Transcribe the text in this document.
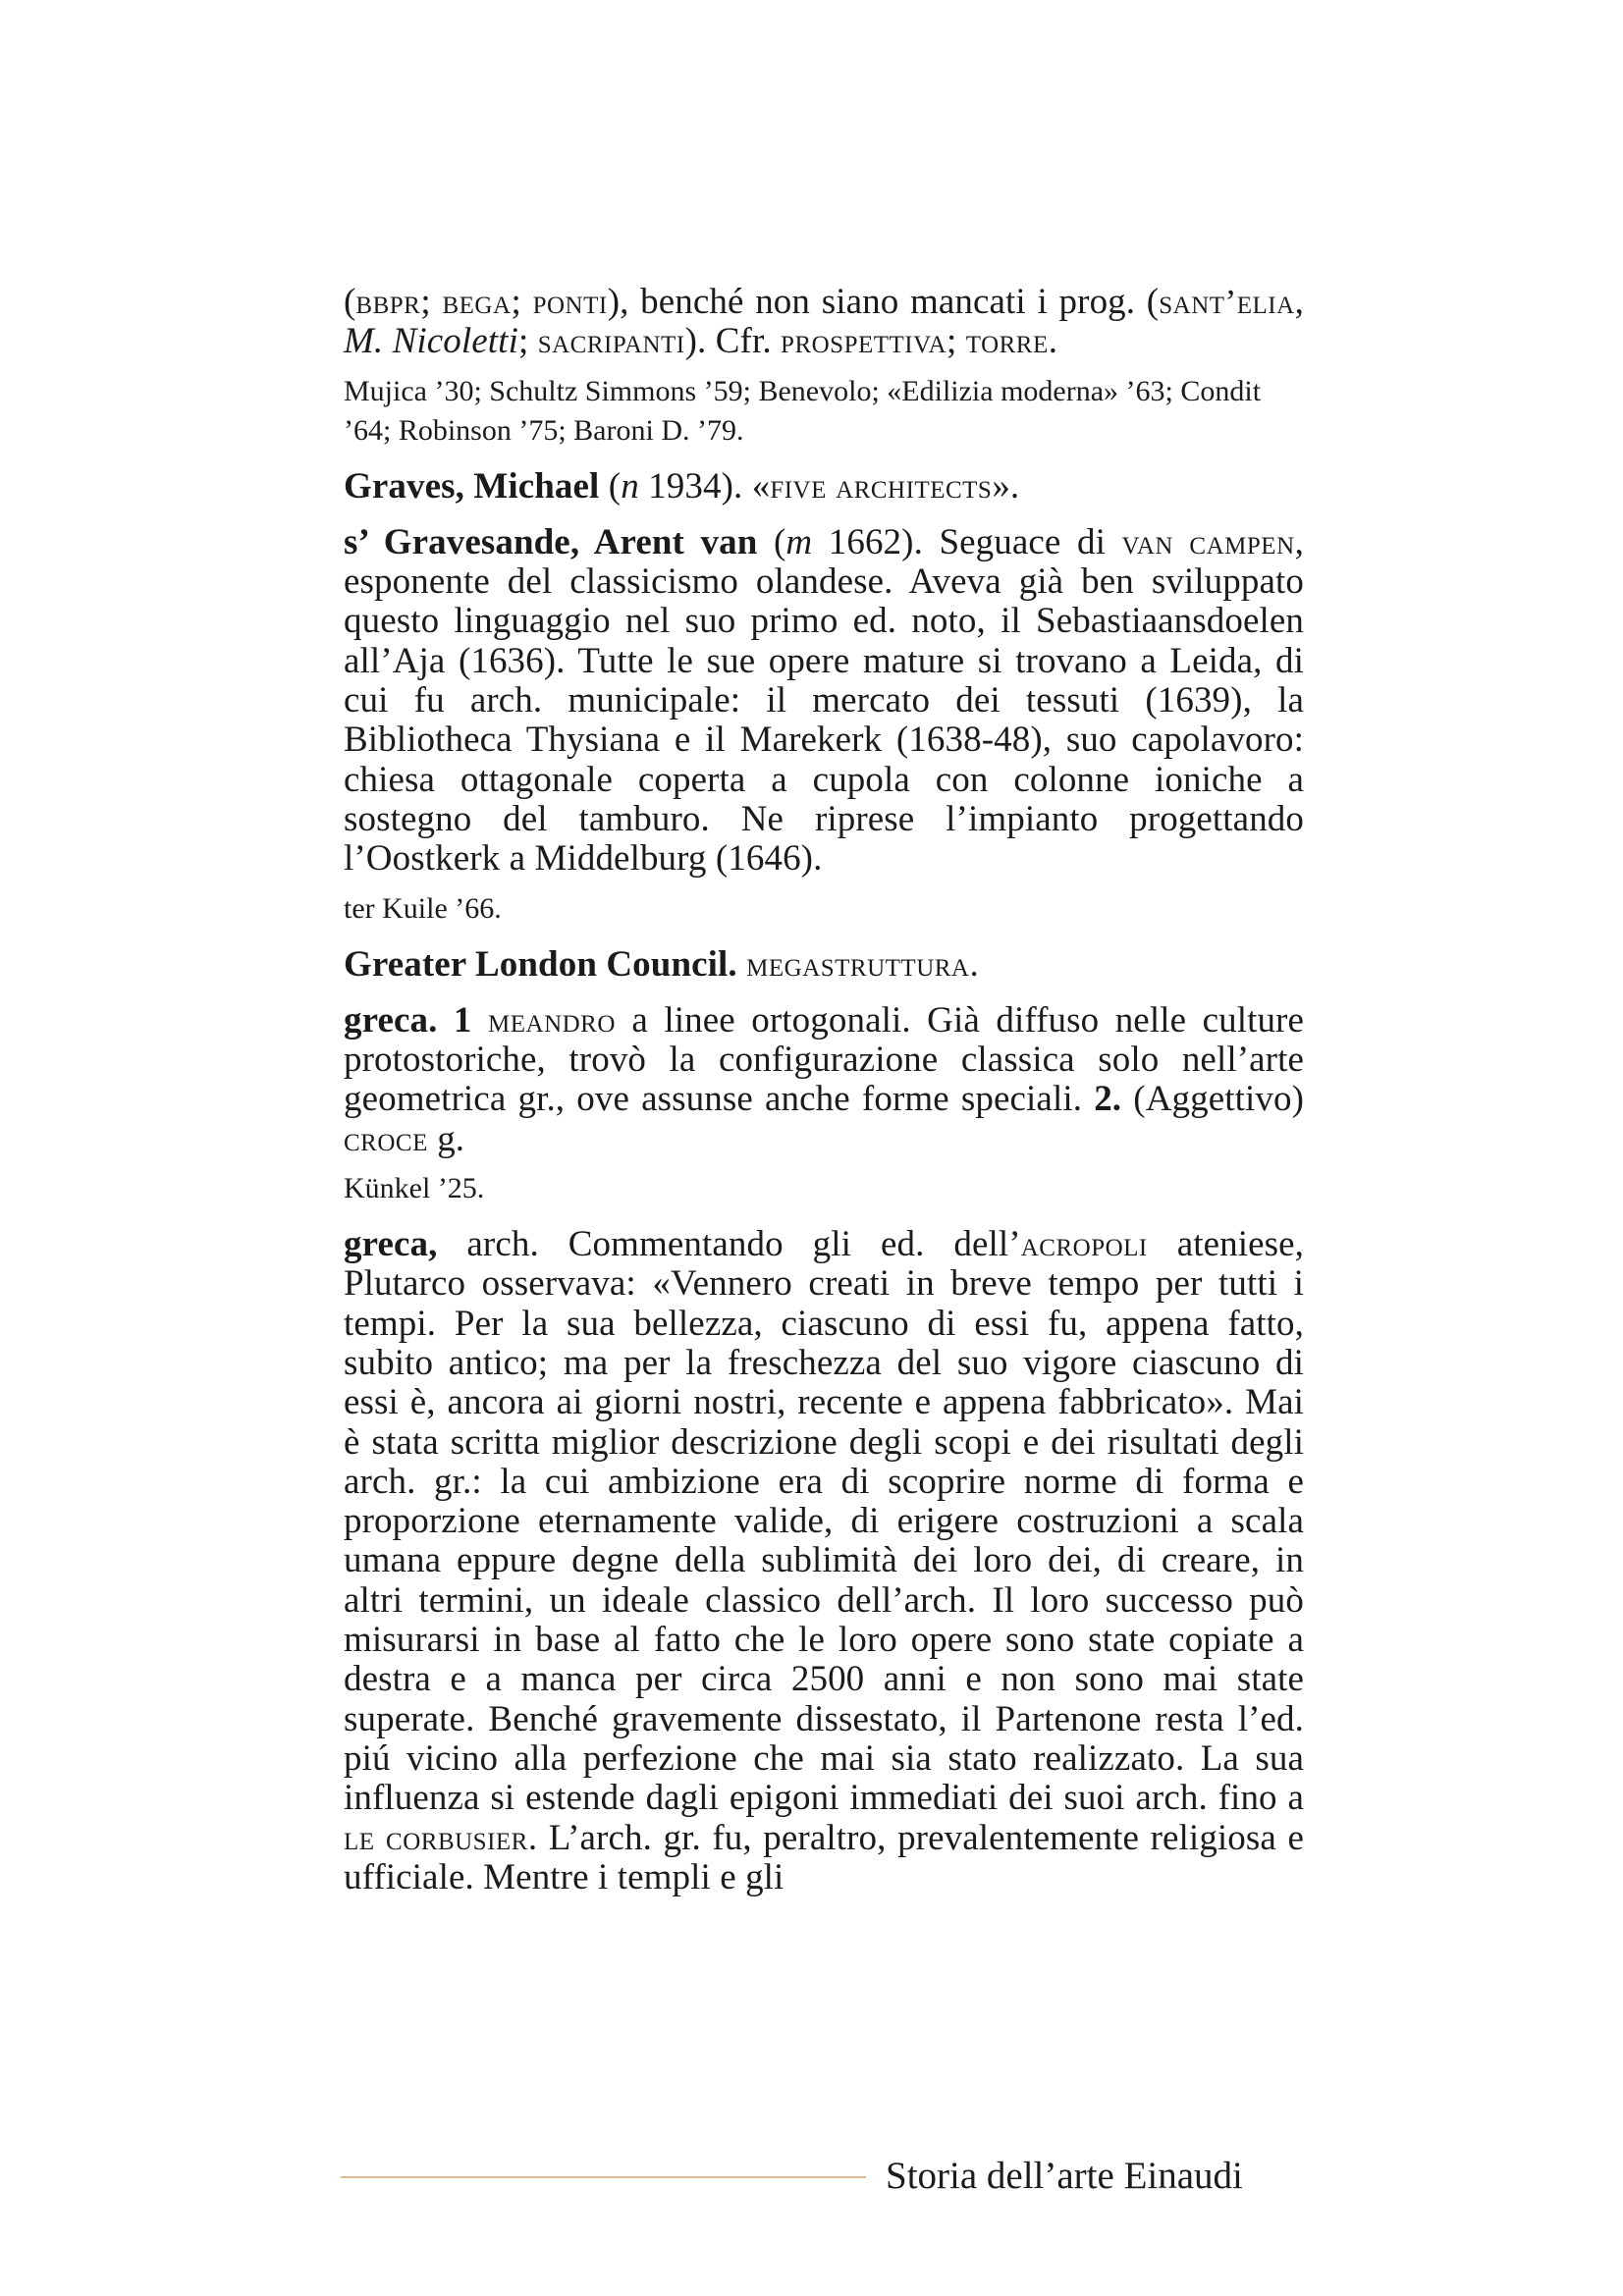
(bbpr; bega; ponti), benché non siano mancati i prog. (sant’elia, M. Nicoletti; sacripanti). Cfr. prospettiva; torre.

Mujica ’30; Schultz Simmons ’59; Benevolo; «Edilizia moderna» ’63; Condit ’64; Robinson ’75; Baroni D. ’79.

Graves, Michael (n 1934). «five architects».

s’ Gravesande, Arent van (m 1662). Seguace di van campen, esponente del classicismo olandese. Aveva già ben sviluppato questo linguaggio nel suo primo ed. noto, il Sebastiaansdoelen all’Aja (1636). Tutte le sue opere mature si trovano a Leida, di cui fu arch. municipale: il mercato dei tessuti (1639), la Bibliotheca Thysiana e il Marekerk (1638-48), suo capolavoro: chiesa ottagonale coperta a cupola con colonne ioniche a sostegno del tamburo. Ne riprese l’impianto progettando l’Oostkerk a Middelburg (1646).

ter Kuile ’66.

Greater London Council. megastruttura.

greca. 1 meandro a linee ortogonali. Già diffuso nelle culture protostoriche, trovò la configurazione classica solo nell’arte geometrica gr., ove assunse anche forme speciali. 2. (Aggettivo) croce g.

Künkel ’25.

greca, arch. Commentando gli ed. dell’acropoli ateniese, Plutarco osservava: «Vennero creati in breve tempo per tutti i tempi. Per la sua bellezza, ciascuno di essi fu, appena fatto, subito antico; ma per la freschezza del suo vigore ciascuno di essi è, ancora ai giorni nostri, recente e appena fabbricato». Mai è stata scritta miglior descrizione degli scopi e dei risultati degli arch. gr.: la cui ambizione era di scoprire norme di forma e proporzione eternamente valide, di erigere costruzioni a scala umana eppure degne della sublimità dei loro dei, di creare, in altri termini, un ideale classico dell’arch. Il loro successo può misurarsi in base al fatto che le loro opere sono state copiate a destra e a manca per circa 2500 anni e non sono mai state superate. Benché gravemente dissestato, il Partenone resta l’ed. piú vicino alla perfezione che mai sia stato realizzato. La sua influenza si estende dagli epigoni immediati dei suoi arch. fino a le corbusier. L’arch. gr. fu, peraltro, prevalentemente religiosa e ufficiale. Mentre i templi e gli

Storia dell’arte Einaudi
